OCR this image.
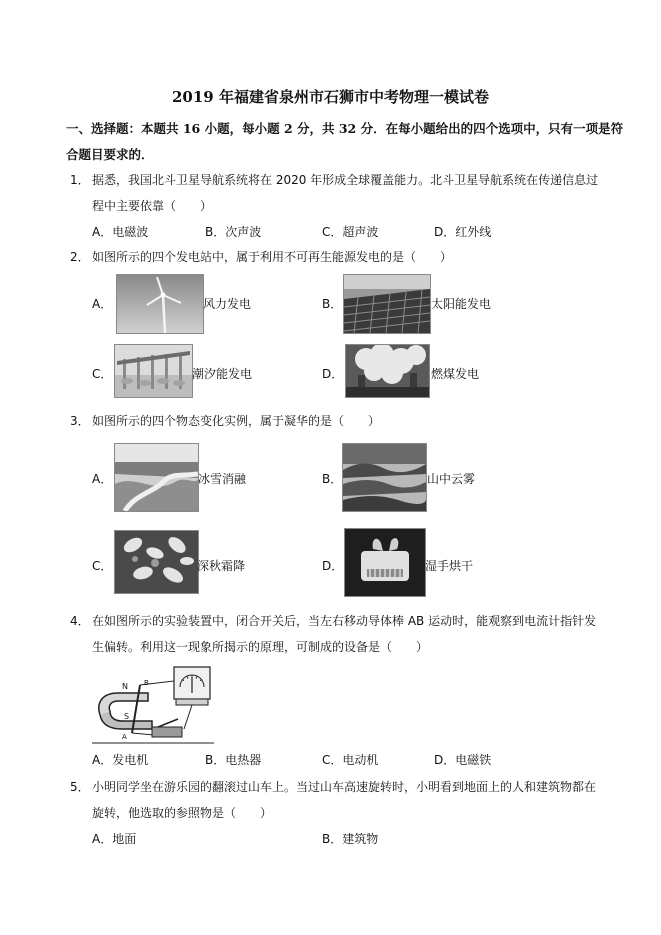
2019 年福建省泉州市石狮市中考物理一模试卷
一、选择题：本题共 16 小题，每小题 2 分，共 32 分．在每小题给出的四个选项中，只有一项是符
合题目要求的．
1． 据悉，我国北斗卫星导航系统将在 2020 年形成全球覆盖能力。北斗卫星导航系统在传递信息过
程中主要依靠（　　）
A．电磁波	B．次声波	C．超声波	D．红外线
2． 如图所示的四个发电站中，属于利用不可再生能源发电的是（　　）
A．	风力发电	B．	太阳能发电
C．	潮汐能发电	D．	燃煤发电
3． 如图所示的四个物态变化实例，属于凝华的是（　　）
A．	冰雪消融	B．	山中云雾
C．	深秋霜降	D．	湿手烘干
4． 在如图所示的实验装置中，闭合开关后，当左右移动导体棒 AB 运动时，能观察到电流计指针发
生偏转。利用这一现象所揭示的原理，可制成的设备是（　　）
N
S
B
A
A．发电机	B．电热器	C．电动机	D．电磁铁
5． 小明同学坐在游乐园的翻滚过山车上。当过山车高速旋转时，小明看到地面上的人和建筑物都在
旋转，他选取的参照物是（　　）
A．地面	B．建筑物
